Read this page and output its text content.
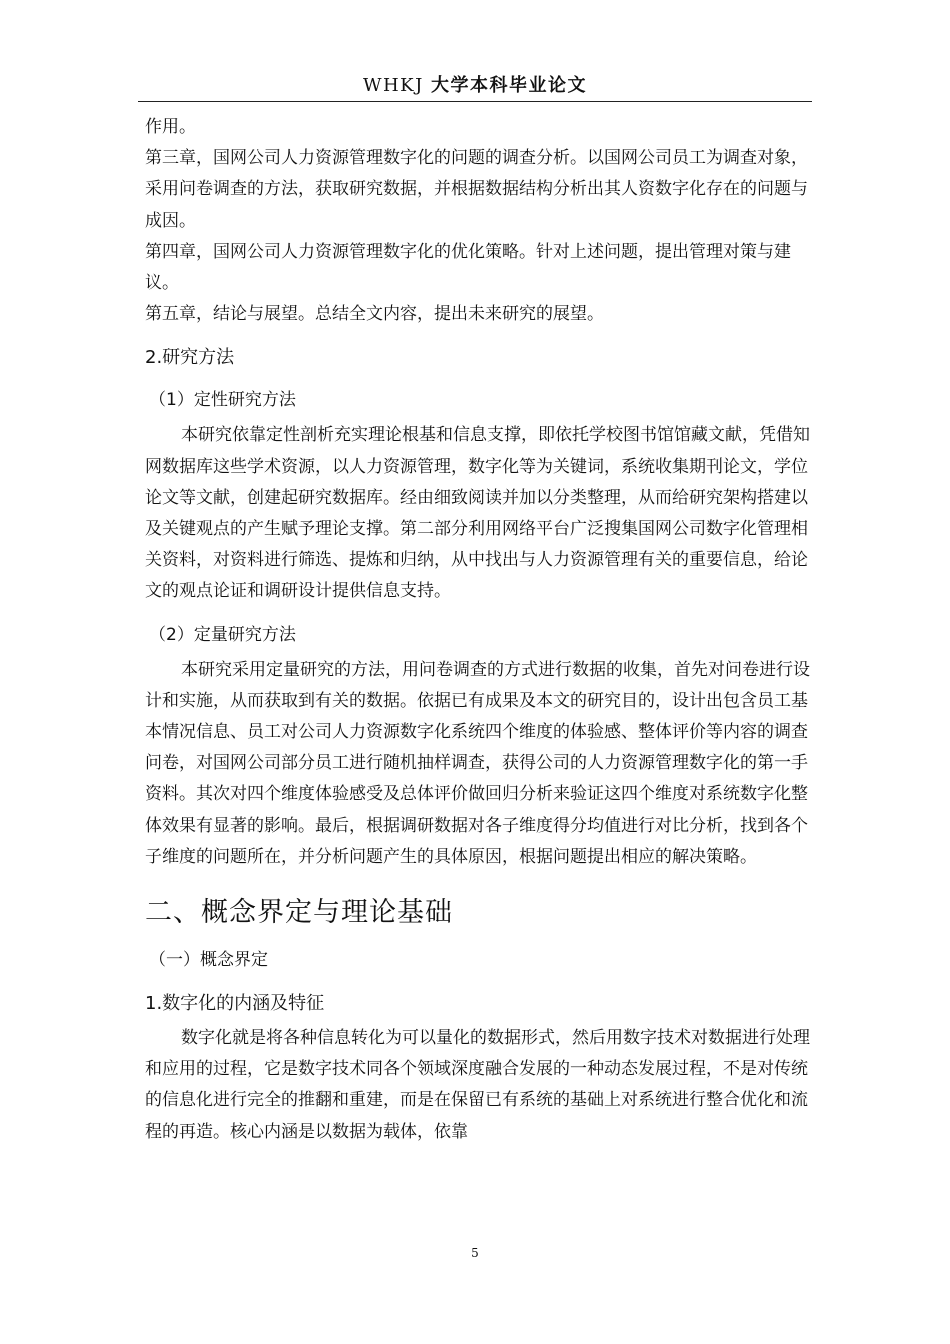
WHKJ 大学本科毕业论文

作用。

第三章，国网公司人力资源管理数字化的问题的调查分析。以国网公司员工为调查对象，采用问卷调查的方法，获取研究数据，并根据数据结构分析出其人资数字化存在的问题与成因。

第四章，国网公司人力资源管理数字化的优化策略。针对上述问题，提出管理对策与建议。

第五章，结论与展望。总结全文内容，提出未来研究的展望。

2.研究方法
（1）定性研究方法

本研究依靠定性剖析充实理论根基和信息支撑，即依托学校图书馆馆藏文献，凭借知网数据库这些学术资源，以人力资源管理，数字化等为关键词，系统收集期刊论文，学位论文等文献，创建起研究数据库。经由细致阅读并加以分类整理，从而给研究架构搭建以及关键观点的产生赋予理论支撑。第二部分利用网络平台广泛搜集国网公司数字化管理相关资料，对资料进行筛选、提炼和归纳，从中找出与人力资源管理有关的重要信息，给论文的观点论证和调研设计提供信息支持。

（2）定量研究方法

本研究采用定量研究的方法，用问卷调查的方式进行数据的收集，首先对问卷进行设计和实施，从而获取到有关的数据。依据已有成果及本文的研究目的，设计出包含员工基本情况信息、员工对公司人力资源数字化系统四个维度的体验感、整体评价等内容的调查问卷，对国网公司部分员工进行随机抽样调查，获得公司的人力资源管理数字化的第一手资料。其次对四个维度体验感受及总体评价做回归分析来验证这四个维度对系统数字化整体效果有显著的影响。最后，根据调研数据对各子维度得分均值进行对比分析，找到各个子维度的问题所在，并分析问题产生的具体原因，根据问题提出相应的解决策略。

二、概念界定与理论基础
（一）概念界定
1.数字化的内涵及特征

数字化就是将各种信息转化为可以量化的数据形式，然后用数字技术对数据进行处理和应用的过程，它是数字技术同各个领域深度融合发展的一种动态发展过程，不是对传统的信息化进行完全的推翻和重建，而是在保留已有系统的基础上对系统进行整合优化和流程的再造。核心内涵是以数据为载体，依靠

5
